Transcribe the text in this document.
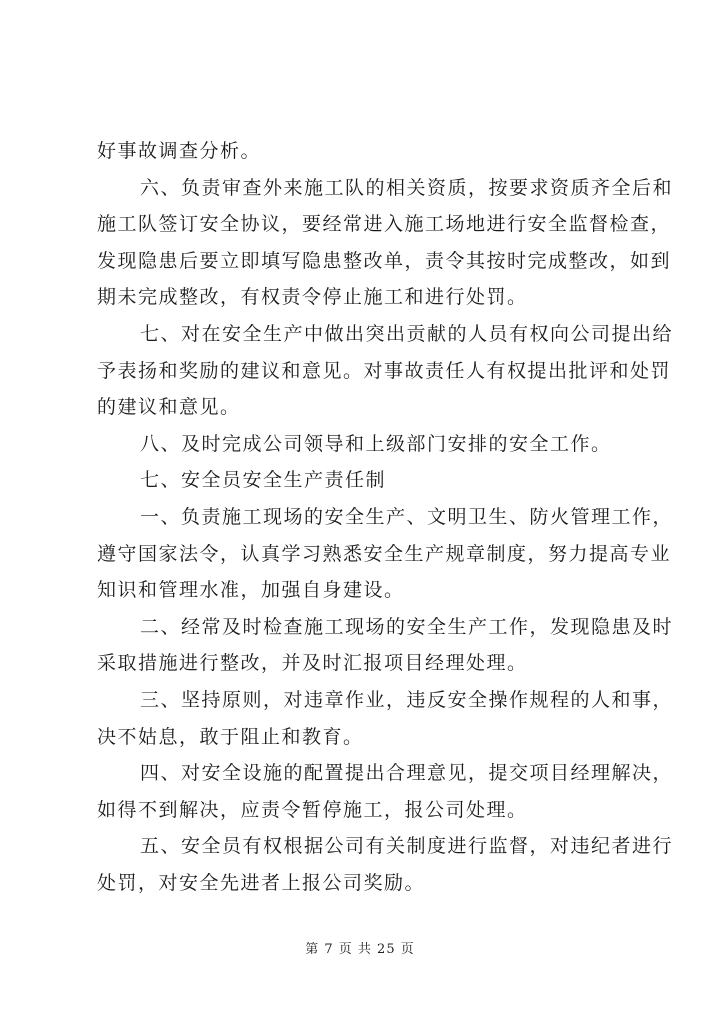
好事故调查分析。
六、负责审查外来施工队的相关资质，按要求资质齐全后和
施工队签订安全协议，要经常进入施工场地进行安全监督检查，
发现隐患后要立即填写隐患整改单，责令其按时完成整改，如到
期未完成整改，有权责令停止施工和进行处罚。
七、对在安全生产中做出突出贡献的人员有权向公司提出给
予表扬和奖励的建议和意见。对事故责任人有权提出批评和处罚
的建议和意见。
八、及时完成公司领导和上级部门安排的安全工作。
七、安全员安全生产责任制
一、负责施工现场的安全生产、文明卫生、防火管理工作，
遵守国家法令，认真学习熟悉安全生产规章制度，努力提高专业
知识和管理水准，加强自身建设。
二、经常及时检查施工现场的安全生产工作，发现隐患及时
采取措施进行整改，并及时汇报项目经理处理。
三、坚持原则，对违章作业，违反安全操作规程的人和事，
决不姑息，敢于阻止和教育。
四、对安全设施的配置提出合理意见，提交项目经理解决，
如得不到解决，应责令暂停施工，报公司处理。
五、安全员有权根据公司有关制度进行监督，对违纪者进行
处罚，对安全先进者上报公司奖励。
第 7 页 共 25 页
